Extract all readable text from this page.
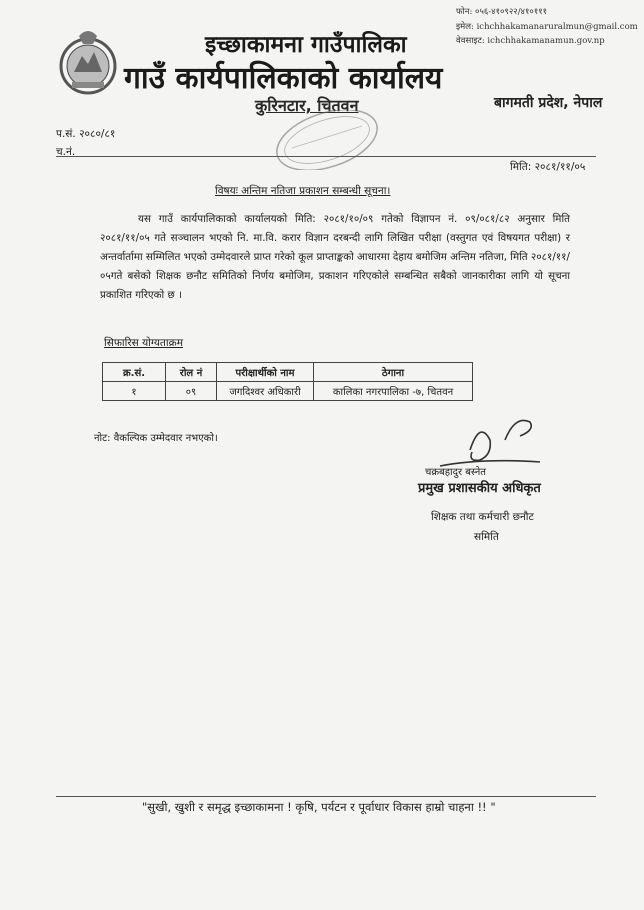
इच्छाकामना गाउँपालिका
गाउँ कार्यपालिकाको कार्यालय
कुरिनटार, चितवन
फोन: ०५६-४१०९२२/४१०१११
इमेल: ichchhakamanaruralmun@gmail.com
वेवसाइट: ichchhakamanamun.gov.np
बागमती प्रदेश, नेपाल
प.सं. २०८०/८१
च.नं.
मिति: २०८१/११/०५
विषयः अन्तिम नतिजा प्रकाशन सम्बन्धी सूचना।
यस गाउँ कार्यपालिकाको कार्यालयको मिति: २०८१/१०/०९ गतेको विज्ञापन नं. ०९/०८१/८२ अनुसार मिति २०८१/११/०५ गते सञ्चालन भएको नि. मा.वि. करार विज्ञान दरबन्दी लागि लिखित परीक्षा (वस्तुगत एवं विषयगत परीक्षा) र अन्तर्वार्तामा सम्मिलित भएको उम्मेदवारले प्राप्त गरेको कूल प्राप्ताङ्कको आधारमा देहाय बमोजिम अन्तिम नतिजा, मिति २०८१/११/ ०५गते बसेको शिक्षक छनौट समितिको निर्णय बमोजिम, प्रकाशन गरिएकोले सम्बन्धित सबैको जानकारीका लागि यो सूचना प्रकाशित गरिएको छ ।
सिफारिस योग्यताक्रम
क्र.सं.	रोल नं	परीक्षार्थीको नाम	ठेगाना
१	०९	जगदिश्वर अधिकारी	कालिका नगरपालिका -७, चितवन
नोट: वैकल्पिक उम्मेदवार नभएको।
चक्रबहादुर बस्नेत
प्रमुख प्रशासकीय अधिकृत
शिक्षक तथा कर्मचारी छनौट
समिति
"सुखी, खुशी र समृद्ध इच्छाकामना ! कृषि, पर्यटन र पूर्वाधार विकास हाम्रो चाहना !! "
